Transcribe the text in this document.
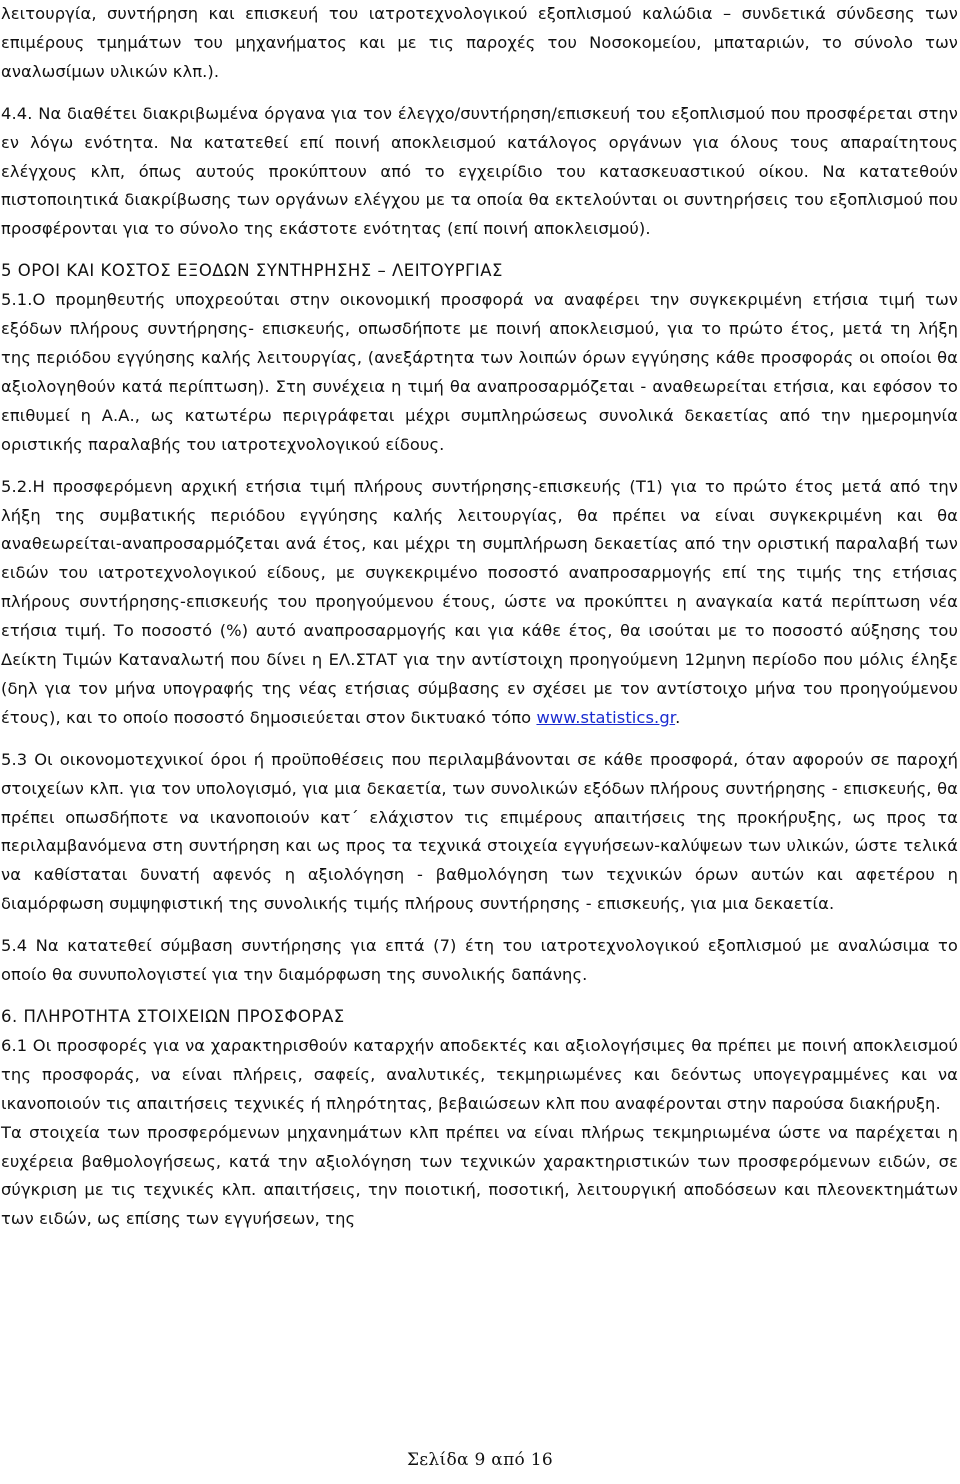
λειτουργία, συντήρηση και επισκευή του ιατροτεχνολογικού εξοπλισμού καλώδια – συνδετικά σύνδεσης των επιμέρους τμημάτων του μηχανήματος και με τις παροχές του Νοσοκομείου, μπαταριών, το σύνολο των αναλωσίμων υλικών κλπ.).

4.4. Να διαθέτει διακριβωμένα όργανα για τον έλεγχο/συντήρηση/επισκευή του εξοπλισμού που προσφέρεται στην εν λόγω ενότητα. Να κατατεθεί επί ποινή αποκλεισμού κατάλογος οργάνων για όλους τους απαραίτητους ελέγχους κλπ, όπως αυτούς προκύπτουν από το εγχειρίδιο του κατασκευαστικού οίκου. Να κατατεθούν πιστοποιητικά διακρίβωσης των οργάνων ελέγχου με τα οποία θα εκτελούνται οι συντηρήσεις του εξοπλισμού που προσφέρονται για το σύνολο της εκάστοτε ενότητας (επί ποινή αποκλεισμού).

5 ΟΡΟΙ ΚΑΙ ΚΟΣΤΟΣ ΕΞΟΔΩΝ ΣΥΝΤΗΡΗΣΗΣ – ΛΕΙΤΟΥΡΓΙΑΣ

5.1.Ο προμηθευτής υποχρεούται στην οικονομική προσφορά να αναφέρει την συγκεκριμένη ετήσια τιμή των εξόδων πλήρους συντήρησης- επισκευής, οπωσδήποτε με ποινή αποκλεισμού, για το πρώτο έτος, μετά τη λήξη της περιόδου εγγύησης καλής λειτουργίας, (ανεξάρτητα των λοιπών όρων εγγύησης κάθε προσφοράς οι οποίοι θα αξιολογηθούν κατά περίπτωση). Στη συνέχεια η τιμή θα αναπροσαρμόζεται - αναθεωρείται ετήσια, και εφόσον το επιθυμεί η Α.Α., ως κατωτέρω περιγράφεται μέχρι συμπληρώσεως συνολικά δεκαετίας από την ημερομηνία οριστικής παραλαβής του ιατροτεχνολογικού είδους.

5.2.Η προσφερόμενη αρχική ετήσια τιμή πλήρους συντήρησης-επισκευής (Τ1) για το πρώτο έτος μετά από την λήξη της συμβατικής περιόδου εγγύησης καλής λειτουργίας, θα πρέπει να είναι συγκεκριμένη και θα αναθεωρείται-αναπροσαρμόζεται ανά έτος, και μέχρι τη συμπλήρωση δεκαετίας από την οριστική παραλαβή των ειδών του ιατροτεχνολογικού είδους, με συγκεκριμένο ποσοστό αναπροσαρμογής επί της τιμής της ετήσιας πλήρους συντήρησης-επισκευής του προηγούμενου έτους, ώστε να προκύπτει η αναγκαία κατά περίπτωση νέα ετήσια τιμή. Το ποσοστό (%) αυτό αναπροσαρμογής και για κάθε έτος, θα ισούται με το ποσοστό αύξησης του Δείκτη Τιμών Καταναλωτή που δίνει η ΕΛ.ΣΤΑΤ για την αντίστοιχη προηγούμενη 12μηνη περίοδο που μόλις έληξε (δηλ για τον μήνα υπογραφής της νέας ετήσιας σύμβασης εν σχέσει με τον αντίστοιχο μήνα του προηγούμενου έτους), και το οποίο ποσοστό δημοσιεύεται στον δικτυακό τόπο www.statistics.gr.

5.3 Οι οικονομοτεχνικοί όροι ή προϋποθέσεις που περιλαμβάνονται σε κάθε προσφορά, όταν αφορούν σε παροχή στοιχείων κλπ. για τον υπολογισμό, για μια δεκαετία, των συνολικών εξόδων πλήρους συντήρησης - επισκευής, θα πρέπει οπωσδήποτε να ικανοποιούν κατ΄ ελάχιστον τις επιμέρους απαιτήσεις της προκήρυξης, ως προς τα περιλαμβανόμενα στη συντήρηση και ως προς τα τεχνικά στοιχεία εγγυήσεων-καλύψεων των υλικών, ώστε τελικά να καθίσταται δυνατή αφενός η αξιολόγηση - βαθμολόγηση των τεχνικών όρων αυτών και αφετέρου η διαμόρφωση συμψηφιστική της συνολικής τιμής πλήρους συντήρησης - επισκευής, για μια δεκαετία.

5.4 Να κατατεθεί σύμβαση συντήρησης για επτά (7) έτη του ιατροτεχνολογικού εξοπλισμού με αναλώσιμα το οποίο θα συνυπολογιστεί για την διαμόρφωση της συνολικής δαπάνης.

6. ΠΛΗΡΟΤΗΤΑ ΣΤΟΙΧΕΙΩΝ ΠΡΟΣΦΟΡΑΣ

6.1 Οι προσφορές για να χαρακτηρισθούν καταρχήν αποδεκτές και αξιολογήσιμες θα πρέπει με ποινή αποκλεισμού της προσφοράς, να είναι πλήρεις, σαφείς, αναλυτικές, τεκμηριωμένες και δεόντως υπογεγραμμένες και να ικανοποιούν τις απαιτήσεις τεχνικές ή πληρότητας, βεβαιώσεων κλπ που αναφέρονται στην παρούσα διακήρυξη.

Τα στοιχεία των προσφερόμενων μηχανημάτων κλπ πρέπει να είναι πλήρως τεκμηριωμένα ώστε να παρέχεται η ευχέρεια βαθμολογήσεως, κατά την αξιολόγηση των τεχνικών χαρακτηριστικών των προσφερόμενων ειδών, σε σύγκριση με τις τεχνικές κλπ. απαιτήσεις, την ποιοτική, ποσοτική, λειτουργική αποδόσεων και πλεονεκτημάτων των ειδών, ως επίσης των εγγυήσεων, της

Σελίδα 9 από 16
